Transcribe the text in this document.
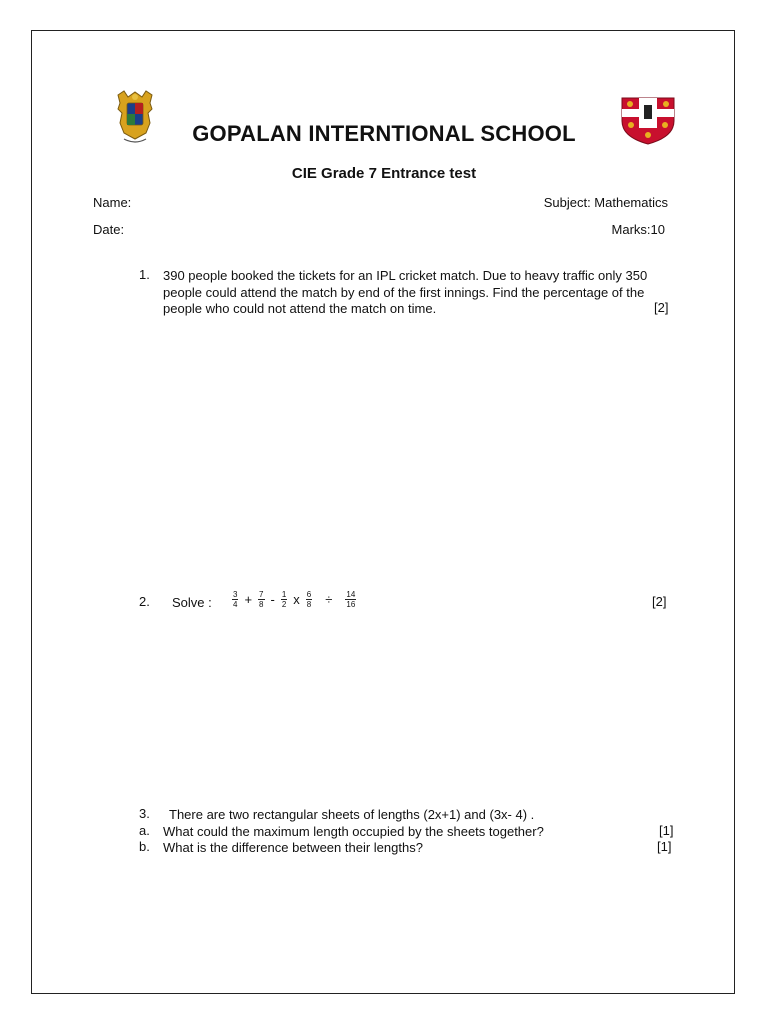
GOPALAN INTERNTIONAL SCHOOL
CIE Grade 7 Entrance test
Name:	Subject: Mathematics
Date:	Marks:10
1. 390 people booked the tickets for an IPL cricket match. Due to heavy traffic only 350
people could attend the match by end of the first innings. Find the percentage of the
people who could not attend the match on time.	[2]
2. Solve :	$\frac{3}{4} + \frac{7}{8} - \frac{1}{2}$ x $\frac{6}{8} \div \frac{14}{16}$	[2]
3. There are two rectangular sheets of lengths (2x+1) and (3x- 4) .
a. What could the maximum length occupied by the sheets together?	[1]
b. What is the difference between their lengths?	[1]
